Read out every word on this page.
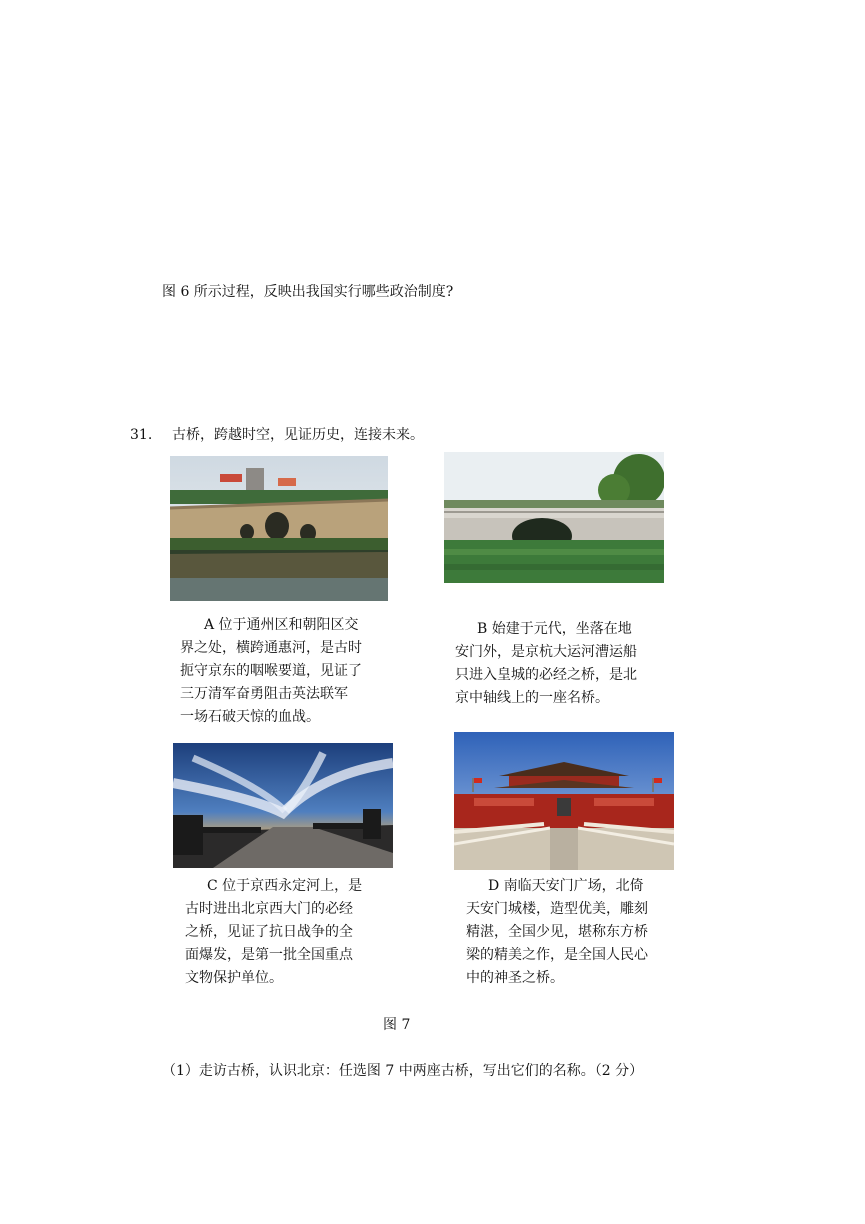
图 6 所示过程，反映出我国实行哪些政治制度?
31. 古桥，跨越时空，见证历史，连接未来。
A 位于通州区和朝阳区交
界之处，横跨通惠河，是古时
扼守京东的咽喉要道，见证了
三万清军奋勇阻击英法联军
一场石破天惊的血战。
B 始建于元代，坐落在地
安门外，是京杭大运河漕运船
只进入皇城的必经之桥，是北
京中轴线上的一座名桥。
C 位于京西永定河上，是
古时进出北京西大门的必经
之桥，见证了抗日战争的全
面爆发，是第一批全国重点
文物保护单位。
D 南临天安门广场，北倚
天安门城楼，造型优美，雕刻
精湛，全国少见，堪称东方桥
梁的精美之作，是全国人民心
中的神圣之桥。
图 7
（1）走访古桥，认识北京：任选图 7 中两座古桥，写出它们的名称。（2 分）
